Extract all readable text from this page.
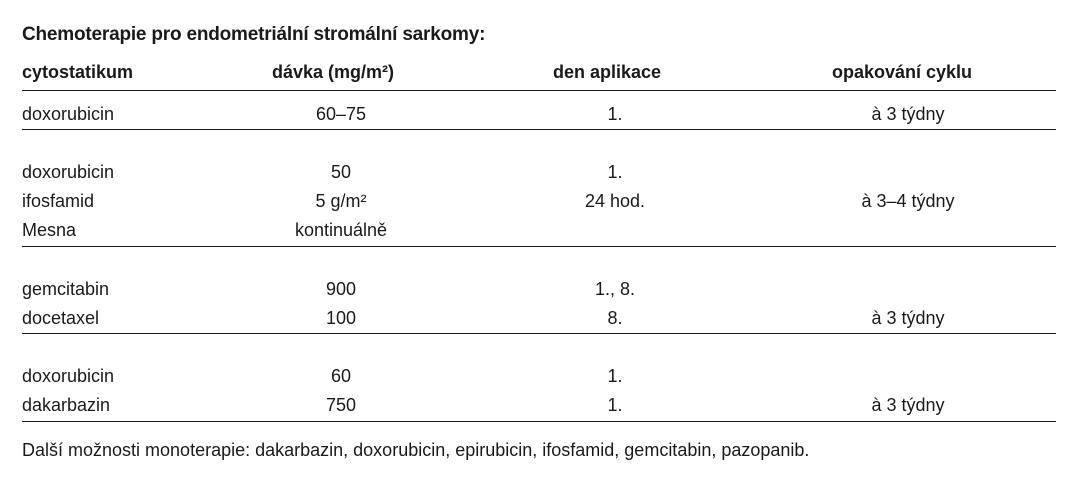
Chemoterapie pro endometriální stromální sarkomy:
cytostatikum	dávka (mg/m²)	den aplikace	opakování cyklu
doxorubicin	60–75	1.	à 3 týdny
doxorubicin	50	1.
ifosfamid	5 g/m²	24 hod.	à 3–4 týdny
Mesna	kontinuálně
gemcitabin	900	1., 8.
docetaxel	100	8.	à 3 týdny
doxorubicin	60	1.
dakarbazin	750	1.	à 3 týdny
Další možnosti monoterapie: dakarbazin, doxorubicin, epirubicin, ifosfamid, gemcitabin, pazopanib.
